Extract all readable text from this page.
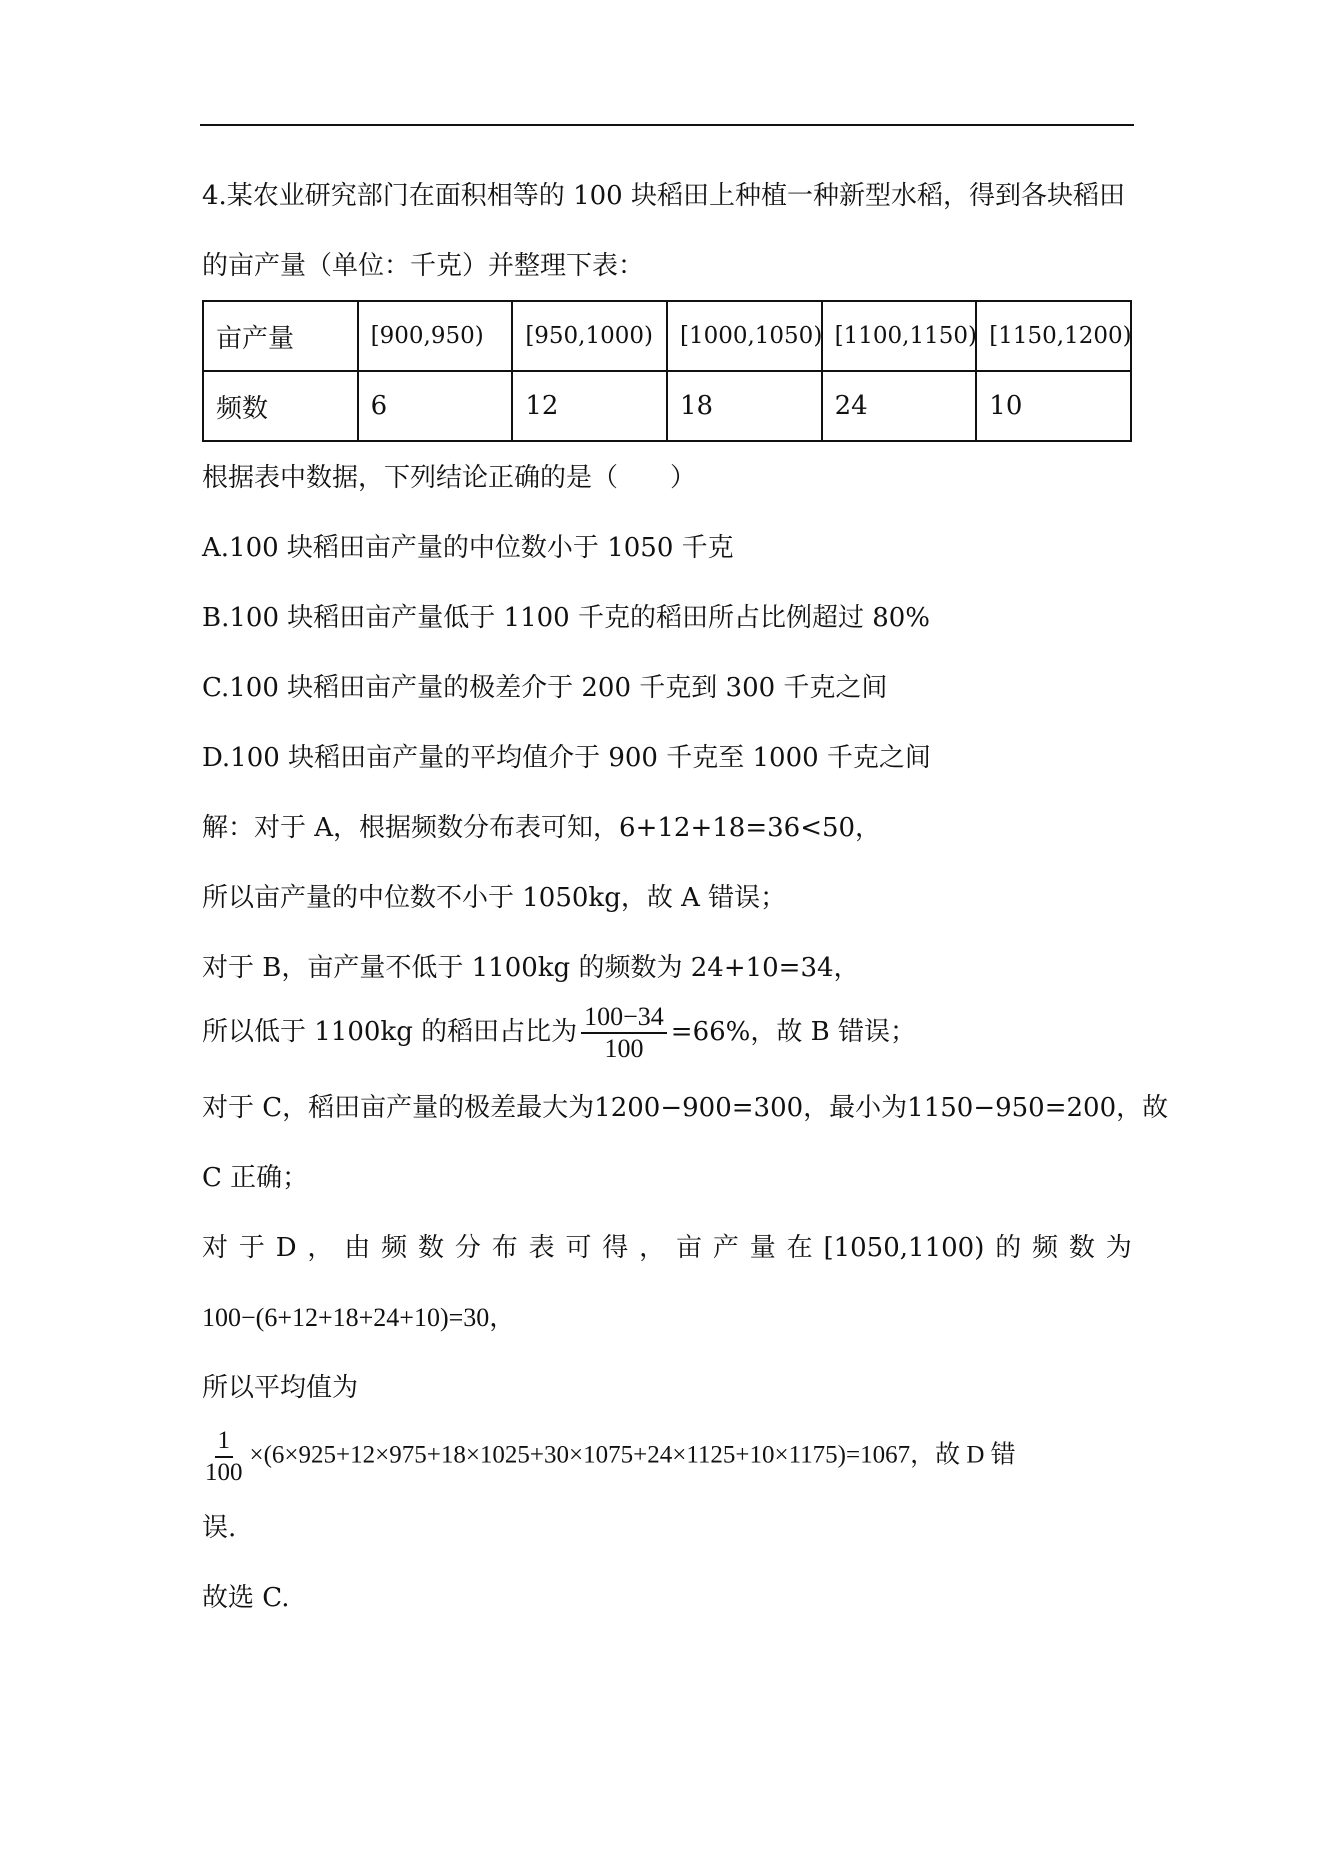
4.某农业研究部门在面积相等的 100 块稻田上种植一种新型水稻，得到各块稻田
的亩产量（单位：千克）并整理下表：
亩产量	[900,950)	[950,1000)	[1000,1050)	[1100,1150)	[1150,1200)
频数	6	12	18	24	10
根据表中数据，下列结论正确的是（　　）
A.100 块稻田亩产量的中位数小于 1050 千克
B.100 块稻田亩产量低于 1100 千克的稻田所占比例超过 80%
C.100 块稻田亩产量的极差介于 200 千克到 300 千克之间
D.100 块稻田亩产量的平均值介于 900 千克至 1000 千克之间
解：对于 A，根据频数分布表可知，6+12+18=36<50，
所以亩产量的中位数不小于 1050kg，故 A 错误；
对于 B，亩产量不低于 1100kg 的频数为 24+10=34，
所以低于 1100kg 的稻田占比为 $\frac{100-34}{100} =66\%$，故 B 错误；
对于 C，稻田亩产量的极差最大为1200−900=300，最小为1150−950=200，故
C 正确；
对 于 D ， 由 频 数 分 布 表 可 得 ， 亩 产 量 在 [1050,1100) 的 频 数 为
100−(6+12+18+24+10)=30，
所以平均值为
$\frac{1}{100} \times(6\times 925+12\times 975+18\times 1025+30\times 1075+24\times 1125+10\times 1175)=1067$，故 D 错
误.
故选 C.
